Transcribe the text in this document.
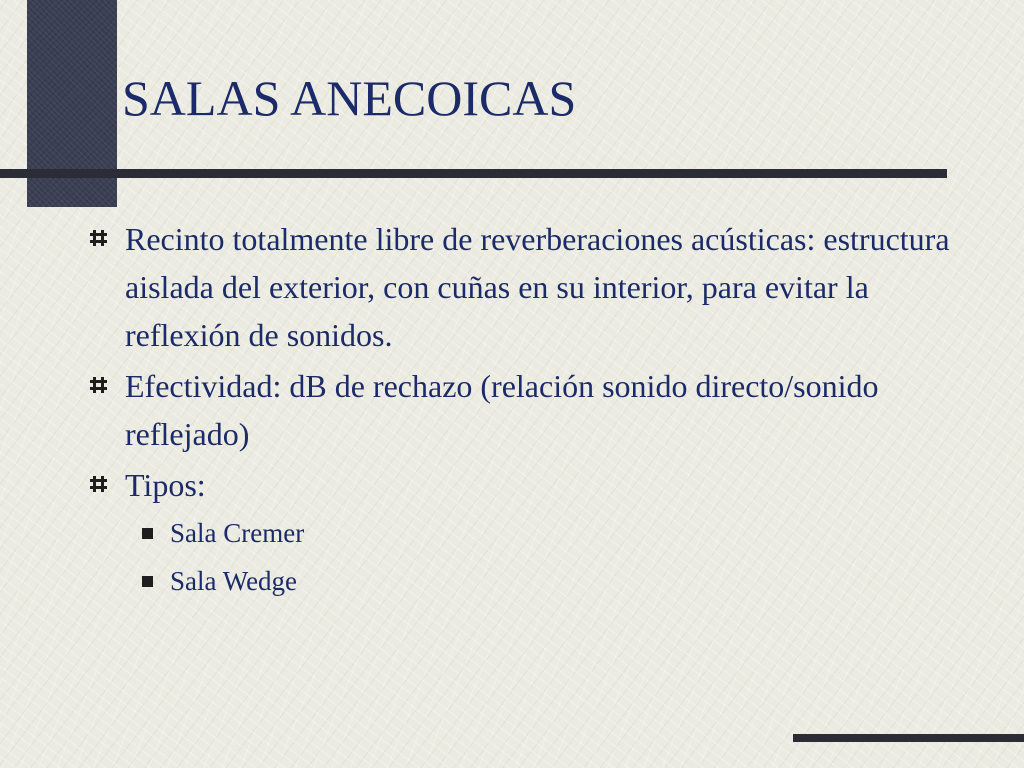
SALAS ANECOICAS
Recinto totalmente libre de reverberaciones acústicas: estructura aislada del exterior, con cuñas en su interior, para evitar la reflexión de sonidos.
Efectividad: dB de rechazo (relación sonido directo/sonido reflejado)
Tipos:
Sala Cremer
Sala Wedge
